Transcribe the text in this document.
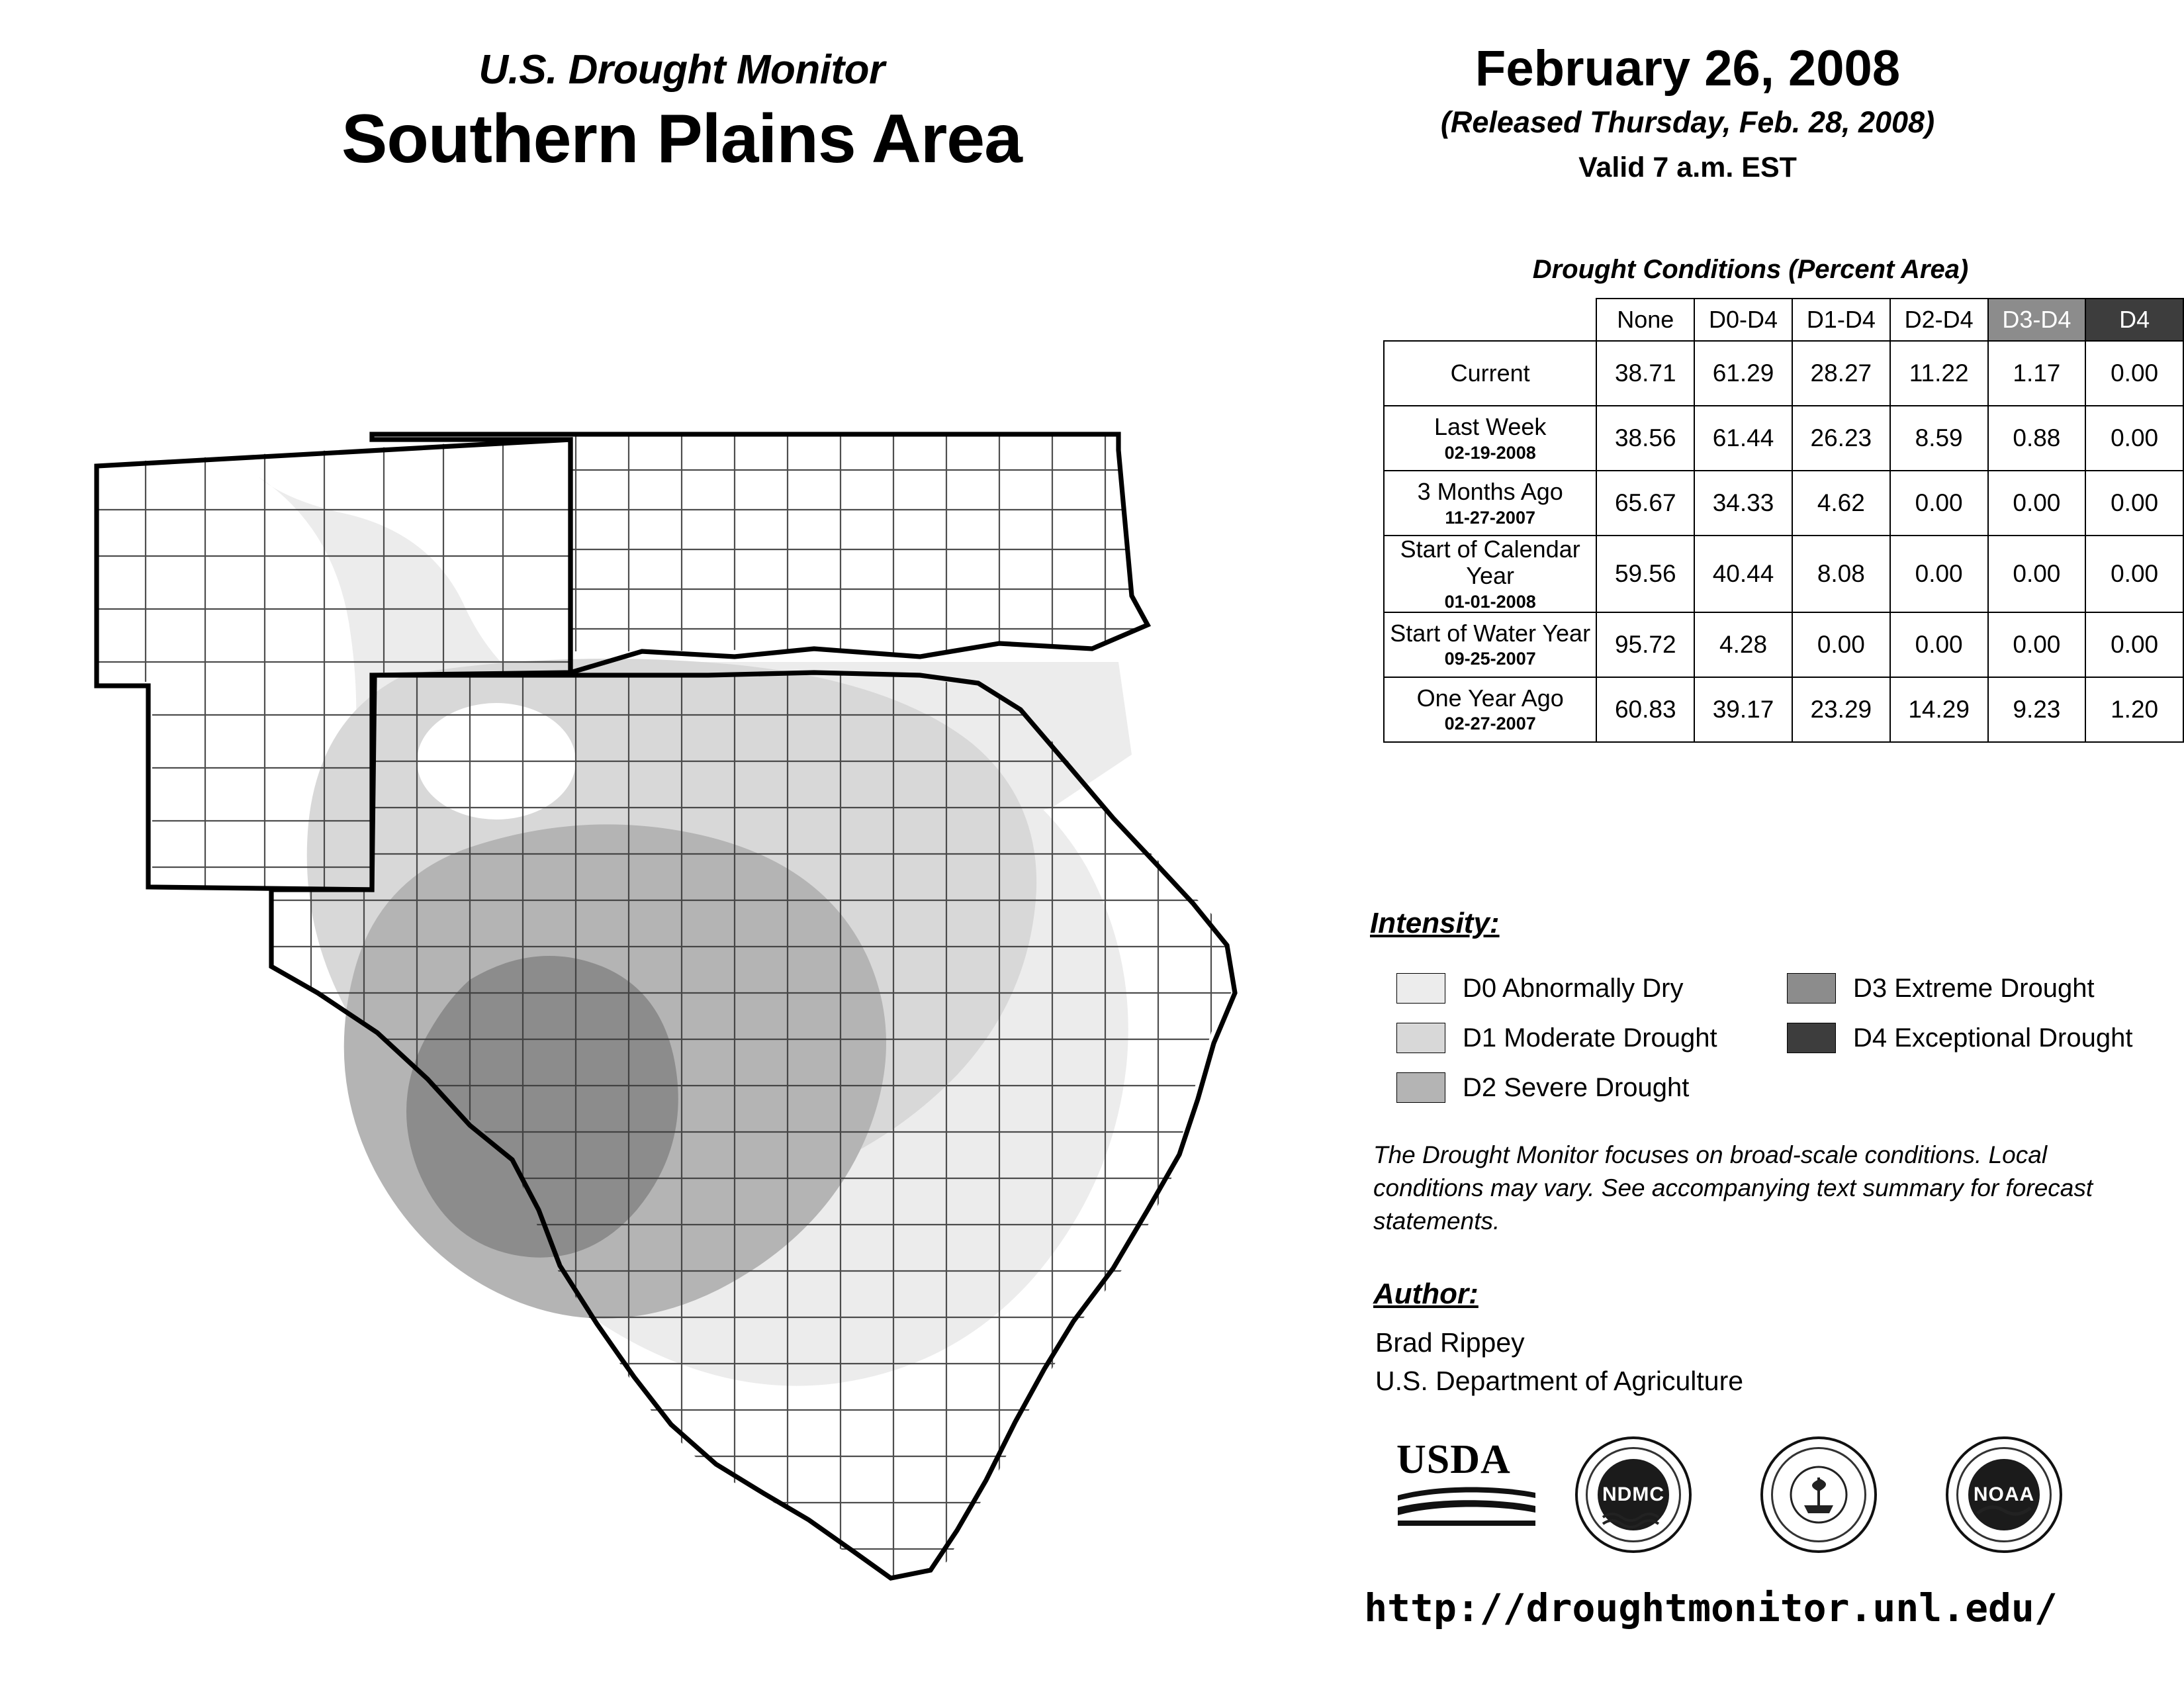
U.S. Drought Monitor
Southern Plains Area
February 26, 2008
(Released Thursday, Feb. 28, 2008)
Valid 7 a.m. EST
Drought Conditions (Percent Area)
	None	D0-D4	D1-D4	D2-D4	D3-D4	D4
Current	38.71	61.29	28.27	11.22	1.17	0.00
Last Week
02-19-2008	38.56	61.44	26.23	8.59	0.88	0.00
3 Months Ago
11-27-2007	65.67	34.33	4.62	0.00	0.00	0.00
Start of Calendar Year
01-01-2008	59.56	40.44	8.08	0.00	0.00	0.00
Start of Water Year
09-25-2007	95.72	4.28	0.00	0.00	0.00	0.00
One Year Ago
02-27-2007	60.83	39.17	23.29	14.29	9.23	1.20
Intensity:
D0 Abnormally Dry
D1 Moderate Drought
D2 Severe Drought
D3 Extreme Drought
D4 Exceptional Drought
The Drought Monitor focuses on broad-scale conditions. Local conditions may vary. See accompanying text summary for forecast statements.
Author:
Brad Rippey
U.S. Department of Agriculture
USDA
NDMC	NOAA
http://droughtmonitor.unl.edu/
